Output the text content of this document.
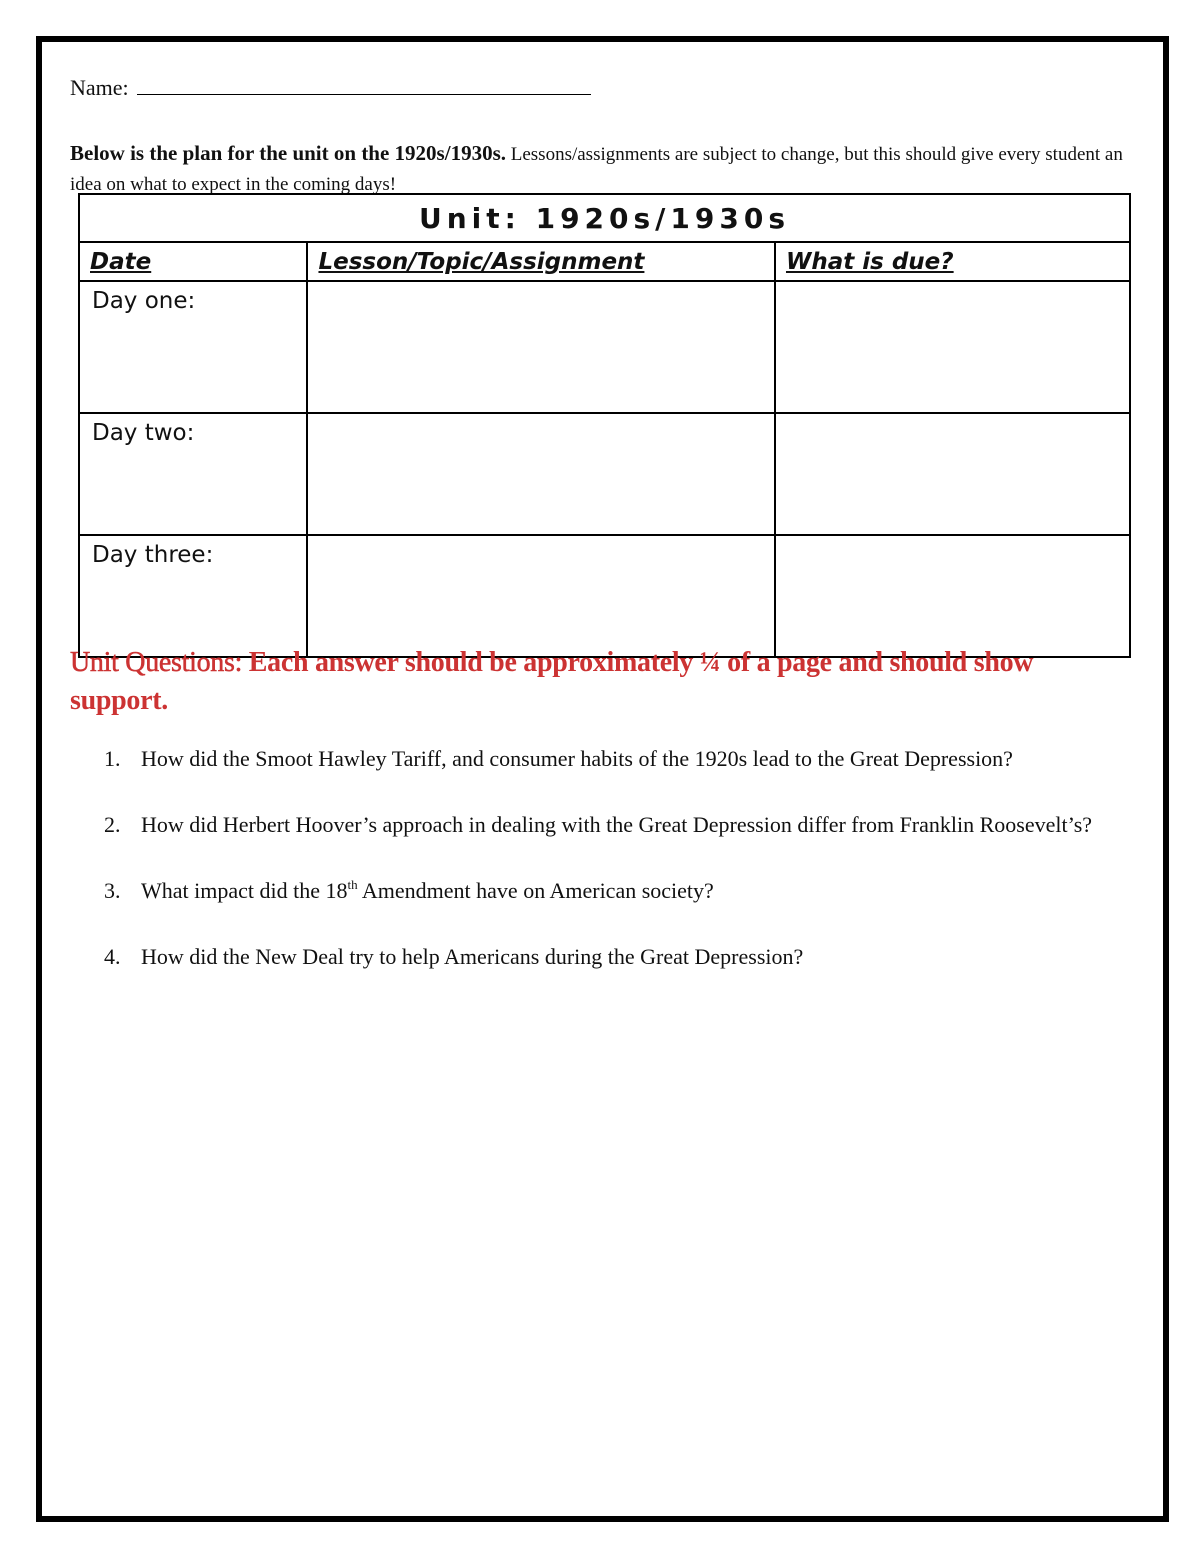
Name:
Below is the plan for the unit on the 1920s/1930s. Lessons/assignments are subject to change, but this should give every student an idea on what to expect in the coming days!
Unit: 1920s/1930s		
Date	Lesson/Topic/Assignment	What is due?
Day one:		
Day two:		
Day three:		
Unit Questions: Each answer should be approximately ¼ of a page and should show support.
1. How did the Smoot Hawley Tariff, and consumer habits of the 1920s lead to the Great Depression?
2. How did Herbert Hoover’s approach in dealing with the Great Depression differ from Franklin Roosevelt’s?
3. What impact did the 18th Amendment have on American society?
4. How did the New Deal try to help Americans during the Great Depression?
